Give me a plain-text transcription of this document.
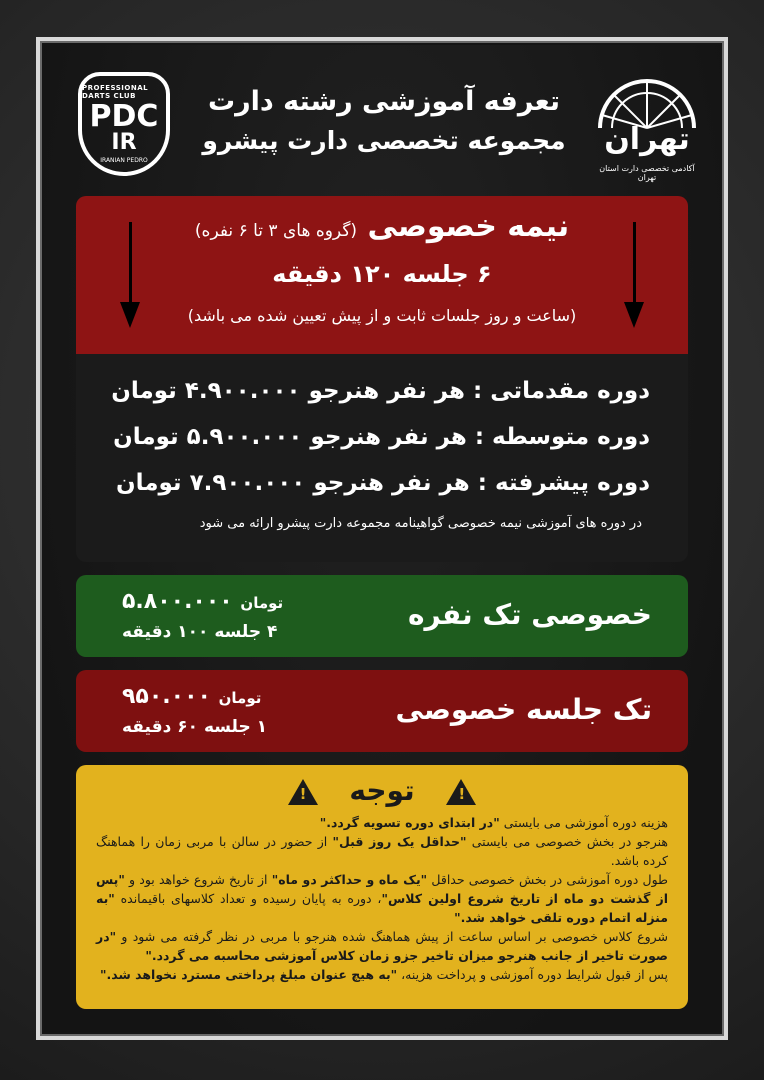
PROFESSIONAL DARTS CLUB
PDC
IR
IRANIAN PEDRO
تعرفه آموزشی رشته دارت
مجموعه تخصصی دارت پیشرو	تهران
آکادمی تخصصی دارت استان تهران
نیمه خصوصی (گروه های ۳ تا ۶ نفره)
۶ جلسه ۱۲۰ دقیقه
(ساعت و روز جلسات ثابت و از پیش تعیین شده می باشد)
دوره مقدماتی : هر نفر هنرجو ۴.۹۰۰.۰۰۰ تومان
دوره متوسطه : هر نفر هنرجو ۵.۹۰۰.۰۰۰ تومان
دوره پیشرفته : هر نفر هنرجو ۷.۹۰۰.۰۰۰ تومان
در دوره های آموزشی نیمه خصوصی گواهینامه مجموعه دارت پیشرو ارائه می شود
خصوصی تک نفره
تومان ۵.۸۰۰.۰۰۰
۴ جلسه ۱۰۰ دقیقه
تک جلسه خصوصی
تومان ۹۵۰.۰۰۰
۱ جلسه ۶۰ دقیقه
! توجه !

هزینه دوره آموزشی می بایستی "در ابتدای دوره تسویه گردد."

هنرجو در بخش خصوصی می بایستی "حداقل یک روز قبل" از حضور در سالن با مربی زمان را هماهنگ کرده باشد.

طول دوره آموزشی در بخش خصوصی حداقل "یک ماه و حداکثر دو ماه" از تاریخ شروع خواهد بود و "پس از گذشت دو ماه از تاریخ شروع اولین کلاس"، دوره به پایان رسیده و تعداد کلاسهای باقیمانده "به منزله اتمام دوره تلقی خواهد شد."

شروع کلاس خصوصی بر اساس ساعت از پیش هماهنگ شده هنرجو با مربی در نظر گرفته می شود و "در صورت تاخیر از جانب هنرجو میزان تاخیر جزو زمان کلاس آموزشی محاسبه می گردد."

پس از قبول شرایط دوره آموزشی و پرداخت هزینه، "به هیچ عنوان مبلغ پرداختی مسترد نخواهد شد."
